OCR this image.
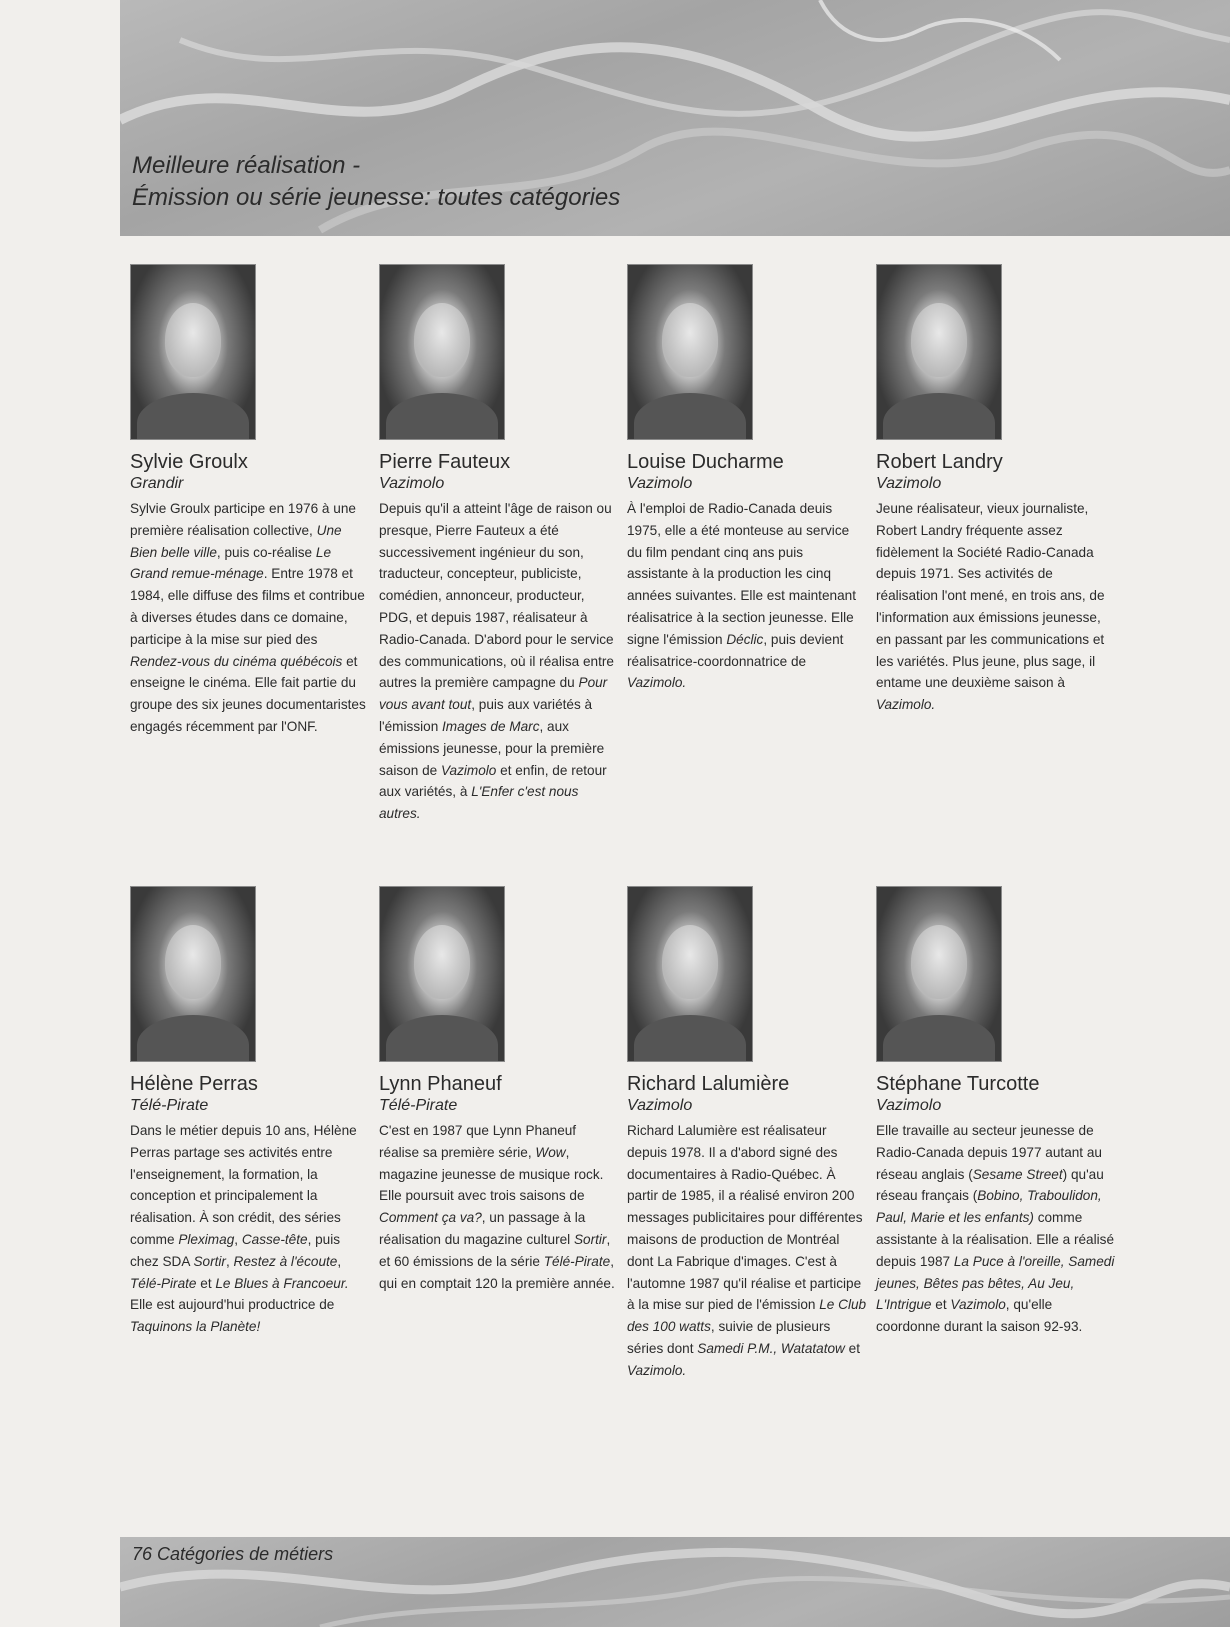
Meilleure réalisation -
Émission ou série jeunesse: toutes catégories
Sylvie Groulx
Grandir
Sylvie Groulx participe en 1976 à une première réalisation collective, Une Bien belle ville, puis co-réalise Le Grand remue-ménage. Entre 1978 et 1984, elle diffuse des films et contribue à diverses études dans ce domaine, participe à la mise sur pied des Rendez-vous du cinéma québécois et enseigne le cinéma. Elle fait partie du groupe des six jeunes documentaristes engagés récemment par l'ONF.
Pierre Fauteux
Vazimolo
Depuis qu'il a atteint l'âge de raison ou presque, Pierre Fauteux a été successivement ingénieur du son, traducteur, concepteur, publiciste, comédien, annonceur, producteur, PDG, et depuis 1987, réalisateur à Radio-Canada. D'abord pour le service des communications, où il réalisa entre autres la première campagne du Pour vous avant tout, puis aux variétés à l'émission Images de Marc, aux émissions jeunesse, pour la première saison de Vazimolo et enfin, de retour aux variétés, à L'Enfer c'est nous autres.
Louise Ducharme
Vazimolo
À l'emploi de Radio-Canada deuis 1975, elle a été monteuse au service du film pendant cinq ans puis assistante à la production les cinq années suivantes. Elle est maintenant réalisatrice à la section jeunesse. Elle signe l'émission Déclic, puis devient réalisatrice-coordonnatrice de Vazimolo.
Robert Landry
Vazimolo
Jeune réalisateur, vieux journaliste, Robert Landry fréquente assez fidèlement la Société Radio-Canada depuis 1971. Ses activités de réalisation l'ont mené, en trois ans, de l'information aux émissions jeunesse, en passant par les communications et les variétés. Plus jeune, plus sage, il entame une deuxième saison à Vazimolo.
Hélène Perras
Télé-Pirate
Dans le métier depuis 10 ans, Hélène Perras partage ses activités entre l'enseignement, la formation, la conception et principalement la réalisation. À son crédit, des séries comme Pleximag, Casse-tête, puis chez SDA Sortir, Restez à l'écoute, Télé-Pirate et Le Blues à Francoeur. Elle est aujourd'hui productrice de Taquinons la Planète!
Lynn Phaneuf
Télé-Pirate
C'est en 1987 que Lynn Phaneuf réalise sa première série, Wow, magazine jeunesse de musique rock. Elle poursuit avec trois saisons de Comment ça va?, un passage à la réalisation du magazine culturel Sortir, et 60 émissions de la série Télé-Pirate, qui en comptait 120 la première année.
Richard Lalumière
Vazimolo
Richard Lalumière est réalisateur depuis 1978. Il a d'abord signé des documentaires à Radio-Québec. À partir de 1985, il a réalisé environ 200 messages publicitaires pour différentes maisons de production de Montréal dont La Fabrique d'images. C'est à l'automne 1987 qu'il réalise et participe à la mise sur pied de l'émission Le Club des 100 watts, suivie de plusieurs séries dont Samedi P.M., Watatatow et Vazimolo.
Stéphane Turcotte
Vazimolo
Elle travaille au secteur jeunesse de Radio-Canada depuis 1977 autant au réseau anglais (Sesame Street) qu'au réseau français (Bobino, Traboulidon, Paul, Marie et les enfants) comme assistante à la réalisation. Elle a réalisé depuis 1987 La Puce à l'oreille, Samedi jeunes, Bêtes pas bêtes, Au Jeu, L'Intrigue et Vazimolo, qu'elle coordonne durant la saison 92-93.
76 Catégories de métiers
